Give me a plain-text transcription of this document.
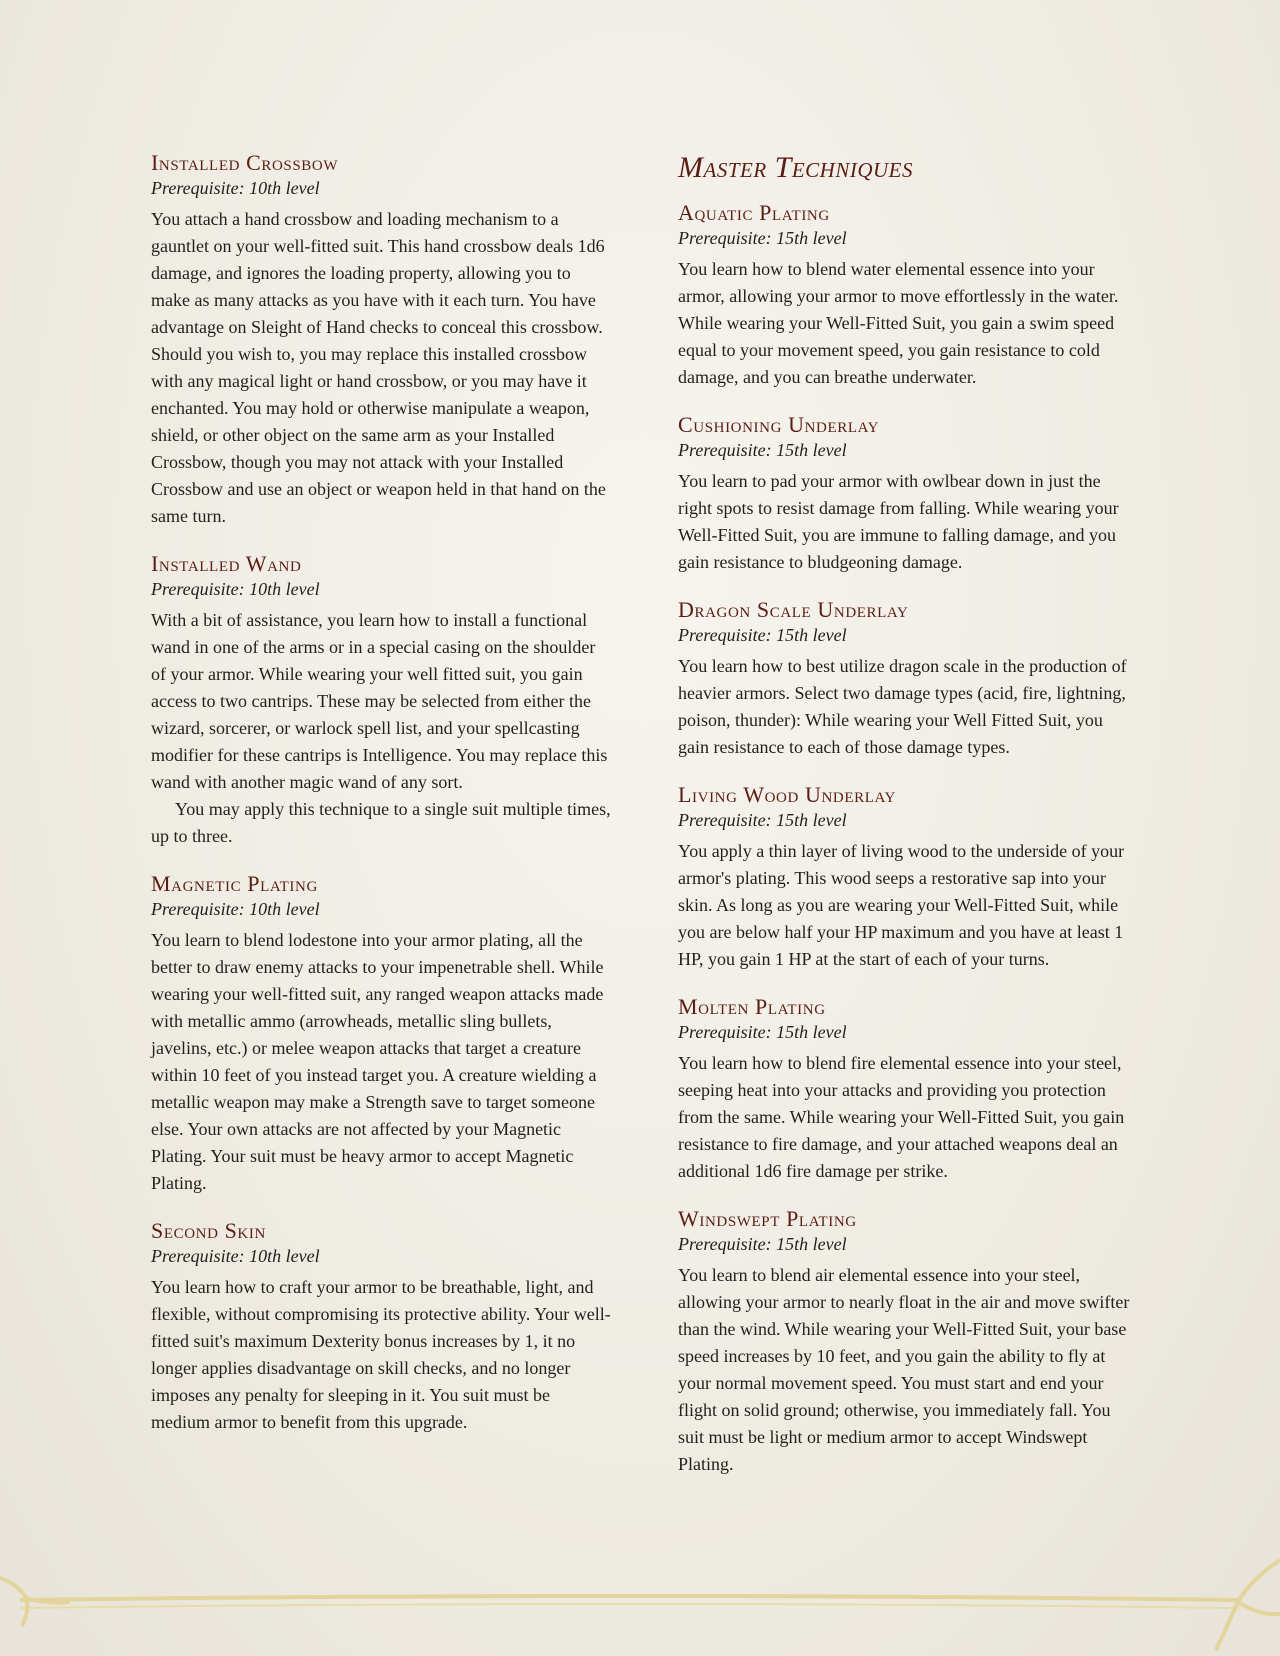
Installed Crossbow

Prerequisite: 10th level

You attach a hand crossbow and loading mechanism to a gauntlet on your well-fitted suit. This hand crossbow deals 1d6 damage, and ignores the loading property, allowing you to make as many attacks as you have with it each turn. You have advantage on Sleight of Hand checks to conceal this crossbow. Should you wish to, you may replace this installed crossbow with any magical light or hand crossbow, or you may have it enchanted. You may hold or otherwise manipulate a weapon, shield, or other object on the same arm as your Installed Crossbow, though you may not attack with your Installed Crossbow and use an object or weapon held in that hand on the same turn.

Installed Wand

Prerequisite: 10th level

With a bit of assistance, you learn how to install a functional wand in one of the arms or in a special casing on the shoulder of your armor. While wearing your well fitted suit, you gain access to two cantrips. These may be selected from either the wizard, sorcerer, or warlock spell list, and your spellcasting modifier for these cantrips is Intelligence. You may replace this wand with another magic wand of any sort.

You may apply this technique to a single suit multiple times, up to three.

Magnetic Plating

Prerequisite: 10th level

You learn to blend lodestone into your armor plating, all the better to draw enemy attacks to your impenetrable shell. While wearing your well-fitted suit, any ranged weapon attacks made with metallic ammo (arrowheads, metallic sling bullets, javelins, etc.) or melee weapon attacks that target a creature within 10 feet of you instead target you. A creature wielding a metallic weapon may make a Strength save to target someone else. Your own attacks are not affected by your Magnetic Plating. Your suit must be heavy armor to accept Magnetic Plating.

Second Skin

Prerequisite: 10th level

You learn how to craft your armor to be breathable, light, and flexible, without compromising its protective ability. Your well-fitted suit's maximum Dexterity bonus increases by 1, it no longer applies disadvantage on skill checks, and no longer imposes any penalty for sleeping in it. You suit must be medium armor to benefit from this upgrade.

Master Techniques
Aquatic Plating

Prerequisite: 15th level

You learn how to blend water elemental essence into your armor, allowing your armor to move effortlessly in the water. While wearing your Well-Fitted Suit, you gain a swim speed equal to your movement speed, you gain resistance to cold damage, and you can breathe underwater.

Cushioning Underlay

Prerequisite: 15th level

You learn to pad your armor with owlbear down in just the right spots to resist damage from falling. While wearing your Well-Fitted Suit, you are immune to falling damage, and you gain resistance to bludgeoning damage.

Dragon Scale Underlay

Prerequisite: 15th level

You learn how to best utilize dragon scale in the production of heavier armors. Select two damage types (acid, fire, lightning, poison, thunder): While wearing your Well Fitted Suit, you gain resistance to each of those damage types.

Living Wood Underlay

Prerequisite: 15th level

You apply a thin layer of living wood to the underside of your armor's plating. This wood seeps a restorative sap into your skin. As long as you are wearing your Well-Fitted Suit, while you are below half your HP maximum and you have at least 1 HP, you gain 1 HP at the start of each of your turns.

Molten Plating

Prerequisite: 15th level

You learn how to blend fire elemental essence into your steel, seeping heat into your attacks and providing you protection from the same. While wearing your Well-Fitted Suit, you gain resistance to fire damage, and your attached weapons deal an additional 1d6 fire damage per strike.

Windswept Plating

Prerequisite: 15th level

You learn to blend air elemental essence into your steel, allowing your armor to nearly float in the air and move swifter than the wind. While wearing your Well-Fitted Suit, your base speed increases by 10 feet, and you gain the ability to fly at your normal movement speed. You must start and end your flight on solid ground; otherwise, you immediately fall. You suit must be light or medium armor to accept Windswept Plating.
